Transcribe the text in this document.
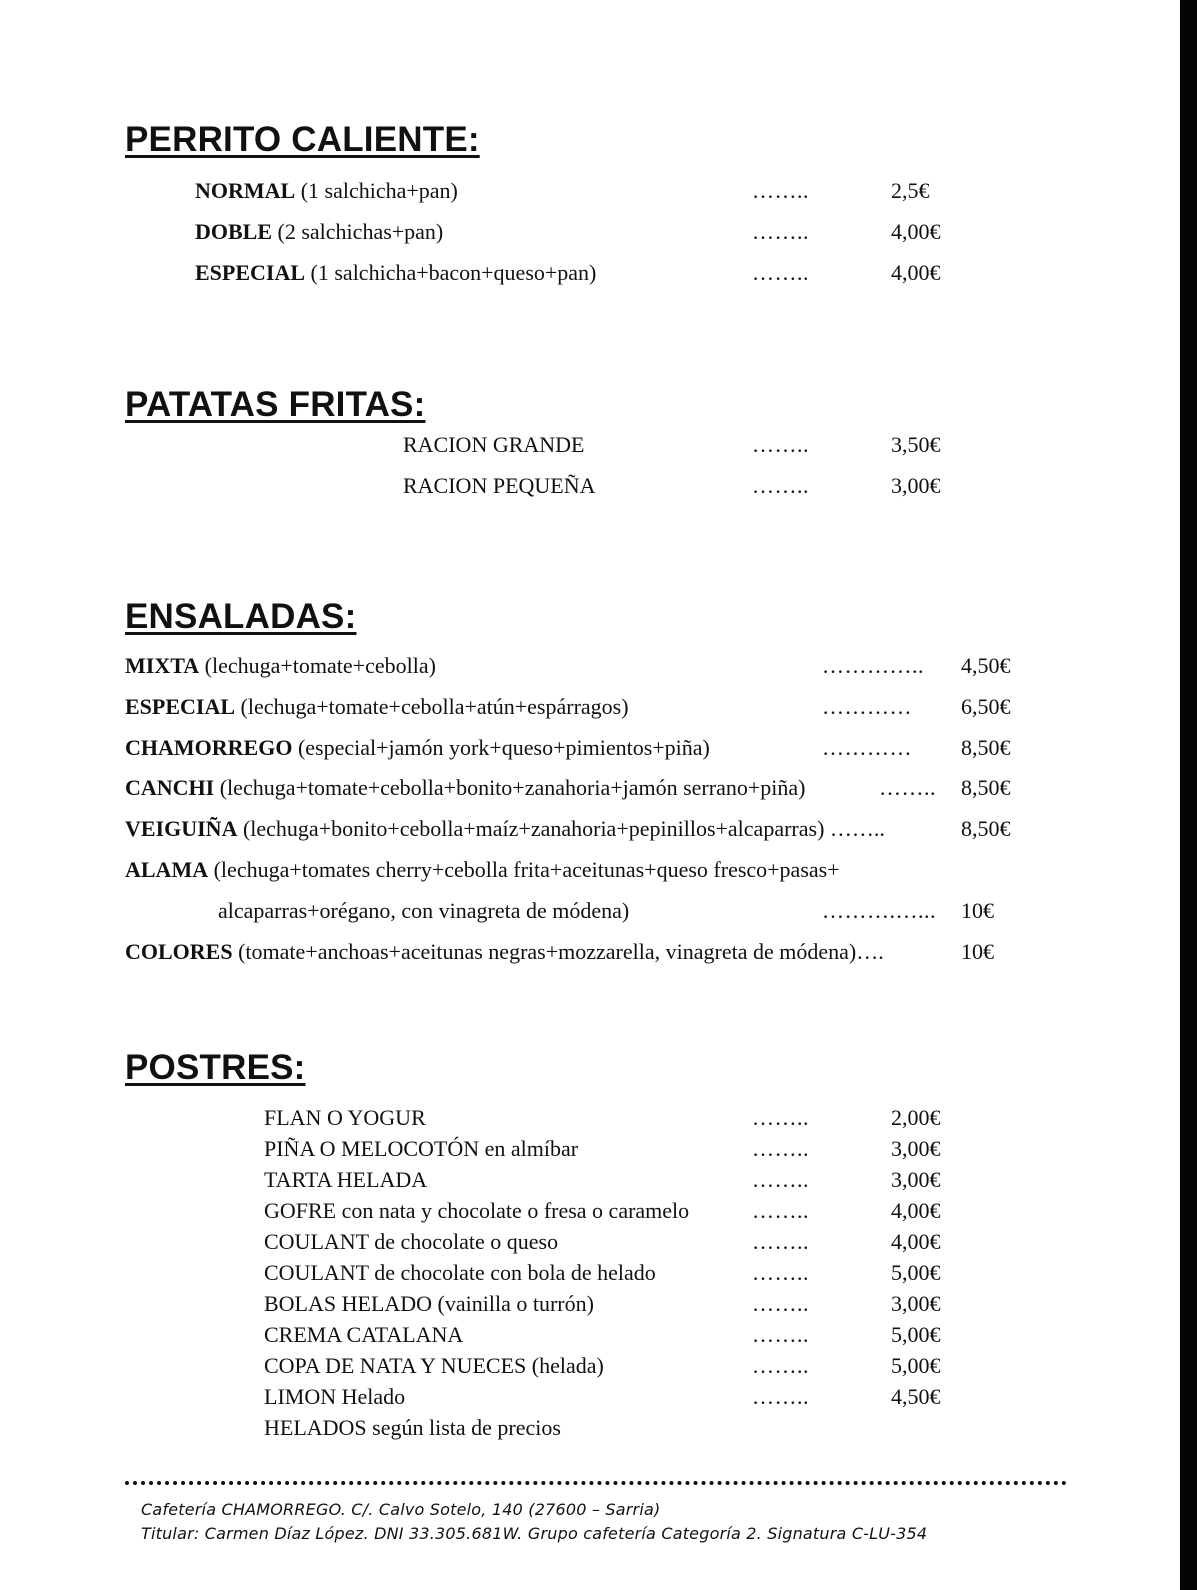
PERRITO CALIENTE:
NORMAL (1 salchicha+pan)	……..	2,5€
DOBLE (2 salchichas+pan)	……..	4,00€
ESPECIAL (1 salchicha+bacon+queso+pan)	……..	4,00€
PATATAS FRITAS:
RACION GRANDE	……..	3,50€
RACION PEQUEÑA	……..	3,00€
ENSALADAS:
MIXTA (lechuga+tomate+cebolla)	………….. 4,50€
ESPECIAL (lechuga+tomate+cebolla+atún+espárragos)	………… 6,50€
CHAMORREGO (especial+jamón york+queso+pimientos+piña)	………… 8,50€
CANCHI (lechuga+tomate+cebolla+bonito+zanahoria+jamón serrano+piña)	…….. 8,50€
VEIGUIÑA (lechuga+bonito+cebolla+maíz+zanahoria+pepinillos+alcaparras) ……..	8,50€
ALAMA (lechuga+tomates cherry+cebolla frita+aceitunas+queso fresco+pasas+
alcaparras+orégano, con vinagreta de módena)	……….…... 10€
COLORES (tomate+anchoas+aceitunas negras+mozzarella, vinagreta de módena)….	10€
POSTRES:
FLAN O YOGUR	……..	2,00€
PIÑA O MELOCOTÓN en almíbar	……..	3,00€
TARTA HELADA	……..	3,00€
GOFRE con nata y chocolate o fresa o caramelo	……..	4,00€
COULANT de chocolate o queso	……..	4,00€
COULANT de chocolate con bola de helado	……..	5,00€
BOLAS HELADO (vainilla o turrón)	……..	3,00€
CREMA CATALANA	……..	5,00€
COPA DE NATA Y NUECES (helada)	……..	5,00€
LIMON Helado	……..	4,50€
HELADOS según lista de precios
Cafetería CHAMORREGO. C/. Calvo Sotelo, 140 (27600 – Sarria)
Titular: Carmen Díaz López. DNI 33.305.681W. Grupo cafetería Categoría 2. Signatura C-LU-354
